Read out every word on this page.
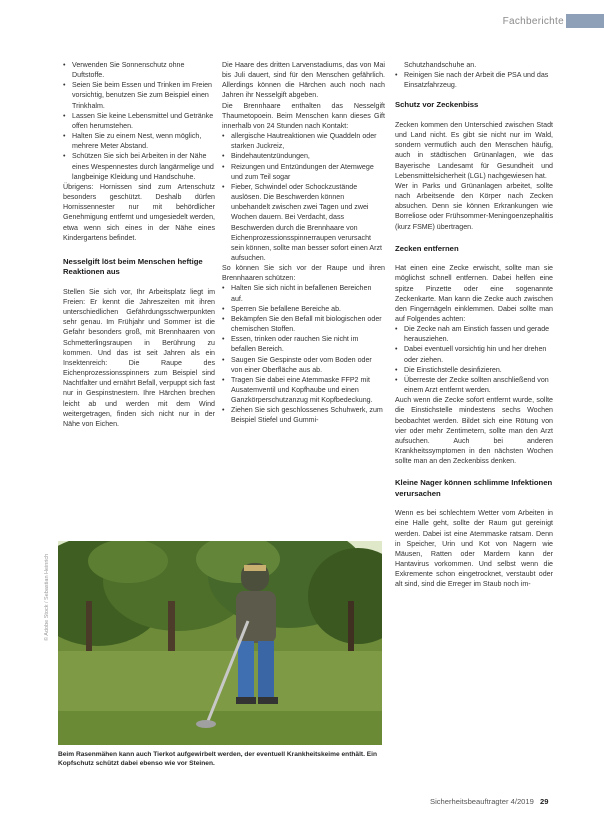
Fachberichte
• Verwenden Sie Sonnenschutz ohne Duftstoffe.
• Seien Sie beim Essen und Trinken im Freien vorsichtig, benutzen Sie zum Beispiel einen Trinkhalm.
• Lassen Sie keine Lebensmittel und Getränke offen herumstehen.
• Halten Sie zu einem Nest, wenn möglich, mehrere Meter Abstand.
• Schützen Sie sich bei Arbeiten in der Nähe eines Wespennestes durch langärmelige und langbeinige Kleidung und Handschuhe.

Übrigens: Hornissen sind zum Artenschutz besonders geschützt. Deshalb dürfen Hornissennester nur mit behördlicher Genehmigung entfernt und umgesiedelt werden, etwa wenn sich eines in der Nähe eines Kindergartens befindet.

Nesselgift löst beim Menschen heftige Reaktionen aus

Stellen Sie sich vor, Ihr Arbeitsplatz liegt im Freien: Er kennt die Jahreszeiten mit ihren unterschiedlichen Gefährdungsschwerpunkten sehr genau. Im Frühjahr und Sommer ist die Gefahr besonders groß, mit Brennhaaren von Schmetterlingsraupen in Berührung zu kommen. Und das ist seit Jahren als ein Insektenreich: Die Raupe des Eichenprozessionsspinners zum Beispiel sind Nachtfalter und ernährt Befall, verpuppt sich fast nur in Gespinstnestern. Ihre Härchen brechen leicht ab und werden mit dem Wind weitergetragen, finden sich nicht nur in der Nähe von Eichen.

Die Haare des dritten Larvenstadiums, das von Mai bis Juli dauert, sind für den Menschen gefährlich. Allerdings können die Härchen auch noch nach Jahren ihr Nesselgift abgeben.

Die Brennhaare enthalten das Nesselgift Thaumetopoein. Beim Menschen kann dieses Gift innerhalb von 24 Stunden nach Kontakt:

• allergische Hautreaktionen wie Quaddeln oder starken Juckreiz,
• Bindehautentzündungen,
• Reizungen und Entzündungen der Atemwege und zum Teil sogar
• Fieber, Schwindel oder Schockzustände auslösen. Die Beschwerden können unbehandelt zwischen zwei Tagen und zwei Wochen dauern. Bei Verdacht, dass Beschwerden durch die Brennhaare von Eichenprozessionsspinnerraupen verursacht sein können, sollte man besser sofort einen Arzt aufsuchen.

So können Sie sich vor der Raupe und ihren Brennhaaren schützen:

• Halten Sie sich nicht in befallenen Bereichen auf.
• Sperren Sie befallene Bereiche ab.
• Bekämpfen Sie den Befall mit biologischen oder chemischen Stoffen.
• Essen, trinken oder rauchen Sie nicht im befallen Bereich.
• Saugen Sie Gespinste oder vom Boden oder von einer Oberfläche aus ab.
• Tragen Sie dabei eine Atemmaske FFP2 mit Ausatemventil und Kopfhaube und einen Ganzkörperschutzanzug mit Kopfbedeckung.
• Ziehen Sie sich geschlossenes Schuhwerk, zum Beispiel Stiefel und Gummi-

Schutzhandschuhe an.

• Reinigen Sie nach der Arbeit die PSA und das Einsatzfahrzeug.
Schutz vor Zeckenbiss

Zecken kommen den Unterschied zwischen Stadt und Land nicht. Es gibt sie nicht nur im Wald, sondern vermutlich auch den Menschen häufig, auch in städtischen Grünanlagen, wie das Bayerische Landesamt für Gesundheit und Lebensmittelsicherheit (LGL) nachgewiesen hat.

Wer in Parks und Grünanlagen arbeitet, sollte nach Arbeitsende den Körper nach Zecken absuchen. Denn sie können Erkrankungen wie Borreliose oder Frühsommer-Meningoenzephalitis (kurz FSME) übertragen.

Zecken entfernen

Hat einen eine Zecke erwischt, sollte man sie möglichst schnell entfernen. Dabei helfen eine spitze Pinzette oder eine sogenannte Zeckenkarte. Man kann die Zecke auch zwischen den Fingernägeln einklemmen. Dabei sollte man auf Folgendes achten:

• Die Zecke nah am Einstich fassen und gerade herausziehen.
• Dabei eventuell vorsichtig hin und her drehen oder ziehen.
• Die Einstichstelle desinfizieren.
• Überreste der Zecke sollten anschließend von einem Arzt entfernt werden.

Auch wenn die Zecke sofort entfernt wurde, sollte die Einstichstelle mindestens sechs Wochen beobachtet werden. Bildet sich eine Rötung von vier oder mehr Zentimetern, sollte man den Arzt aufsuchen. Auch bei anderen Krankheitssymptomen in den nächsten Wochen sollte man an den Zeckenbiss denken.

Kleine Nager können schlimme Infektionen verursachen

Wenn es bei schlechtem Wetter vom Arbeiten in eine Halle geht, sollte der Raum gut gereinigt werden. Dabei ist eine Atemmaske ratsam. Denn in Speicher, Urin und Kot von Nagern wie Mäusen, Ratten oder Mardern kann der Hantavirus vorkommen. Und selbst wenn die Exkremente schon eingetrocknet, verstaubt oder alt sind, sind die Erreger im Staub noch im-

© Adobe Stock / Sebastian Heinrich
Beim Rasenmähen kann auch Tierkot aufgewirbelt werden, der eventuell Krankheitskeime enthält. Ein Kopfschutz schützt dabei ebenso wie vor Steinen.
Sicherheitsbeauftragter 4/2019 29
